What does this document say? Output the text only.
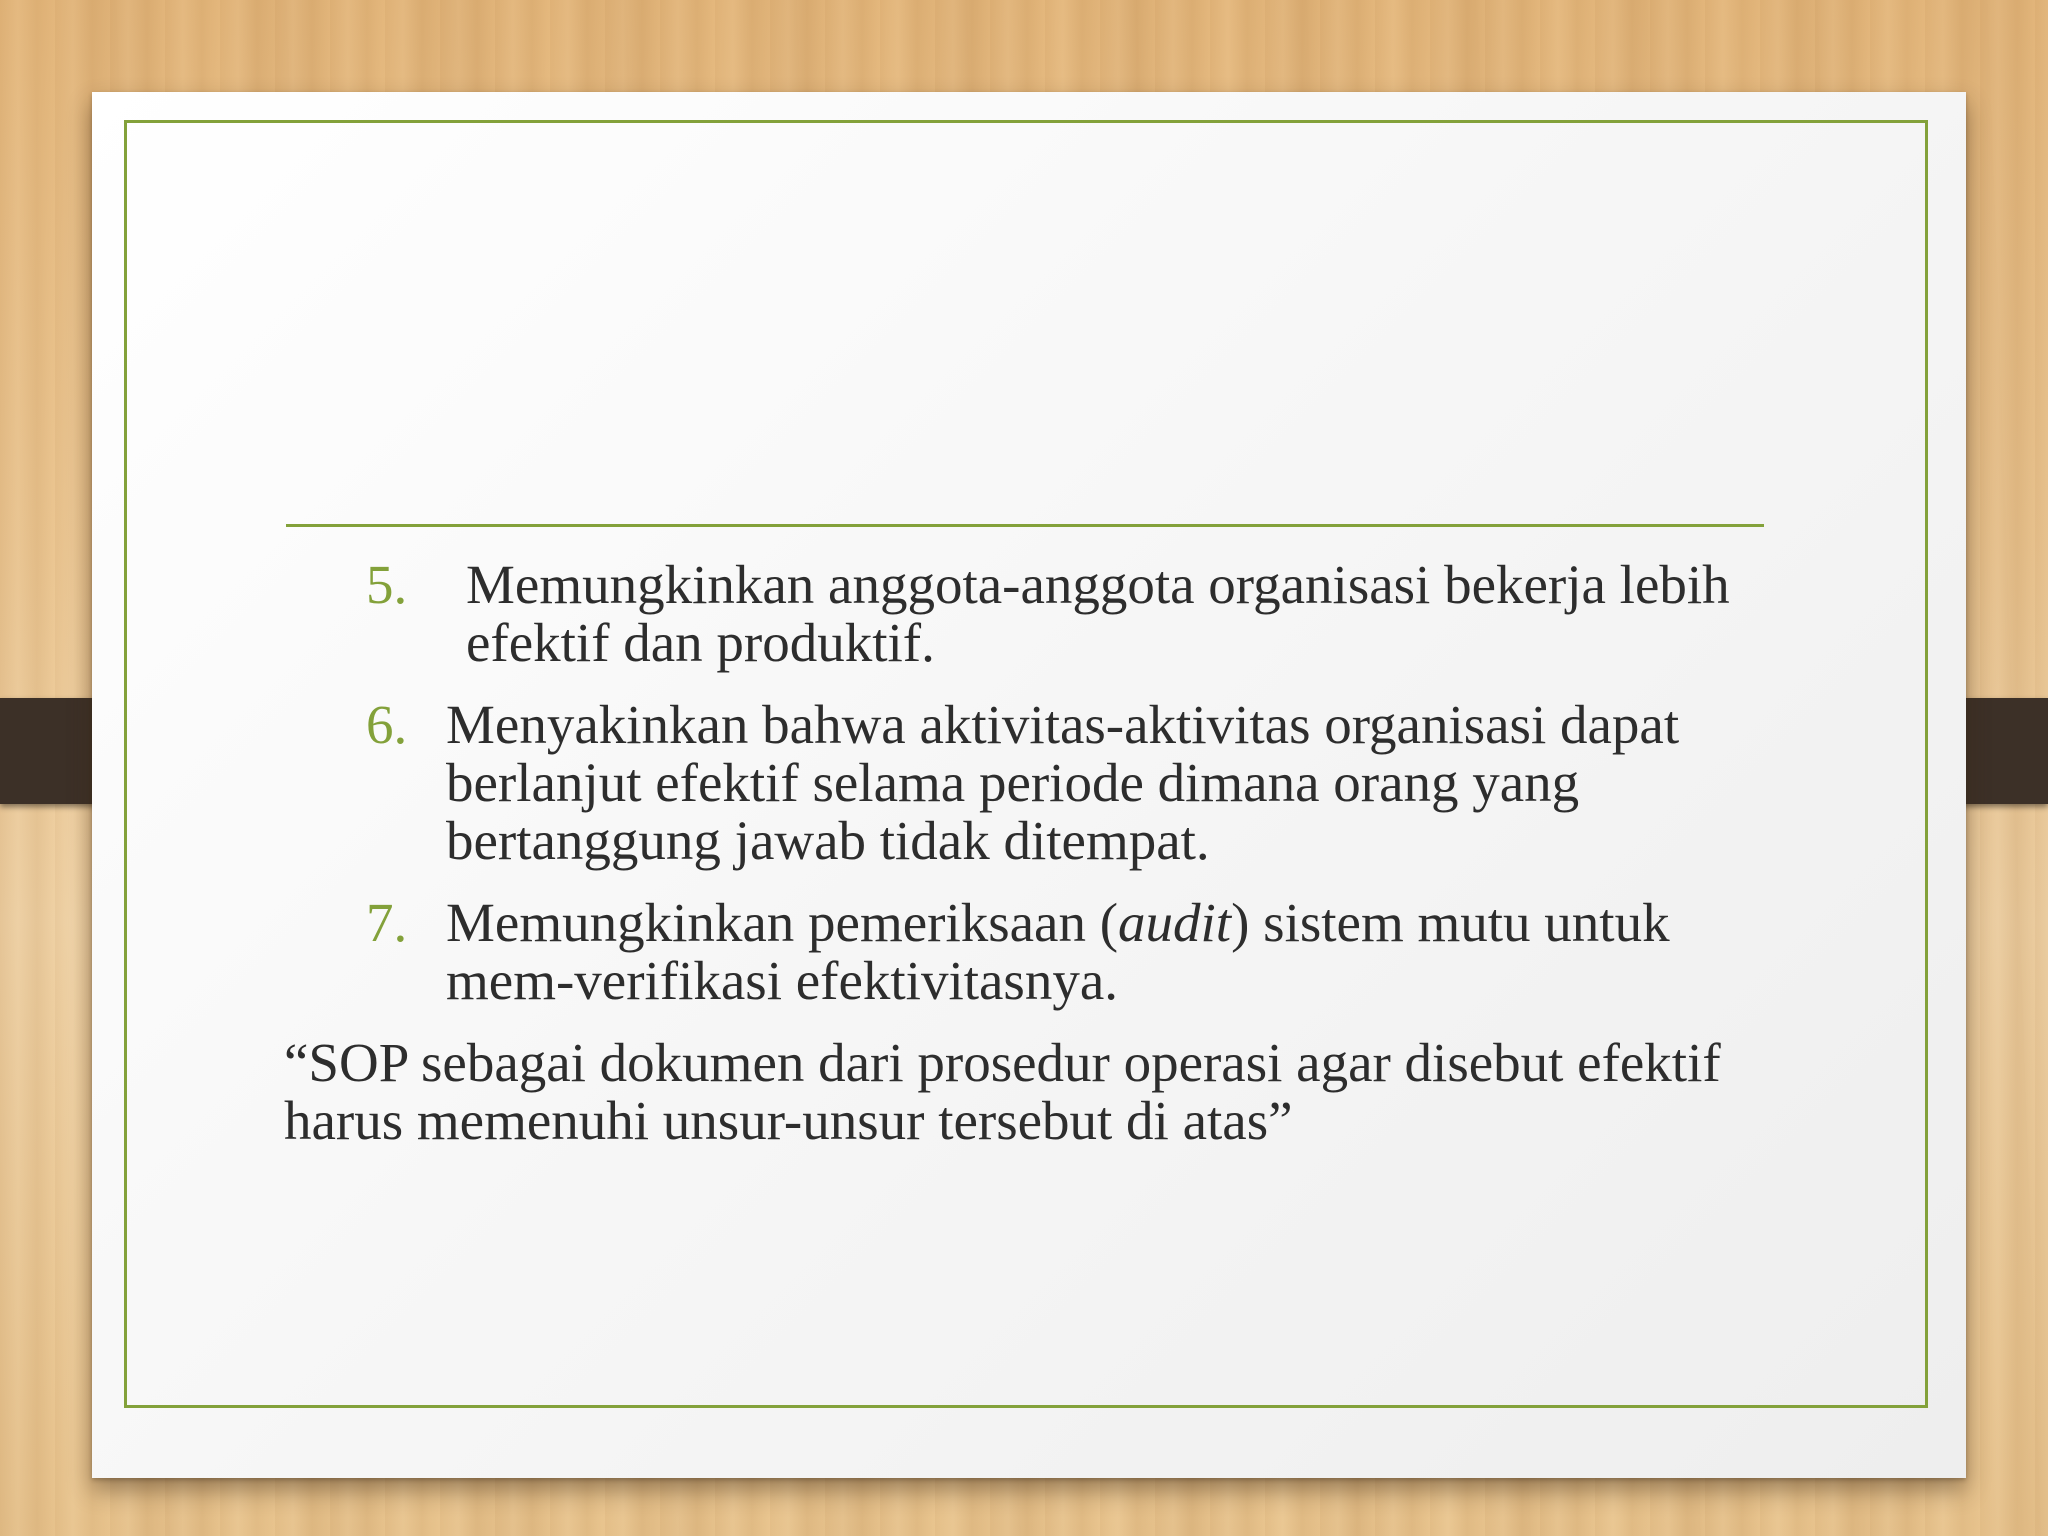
5. Memungkinkan anggota-anggota organisasi bekerja lebih efektif dan produktif.
6. Menyakinkan bahwa aktivitas-aktivitas organisasi dapat berlanjut efektif selama periode dimana orang yang bertanggung jawab tidak ditempat.
7. Memungkinkan pemeriksaan (audit) sistem mutu untuk mem-verifikasi efektivitasnya.
“SOP sebagai dokumen dari prosedur operasi agar disebut efektif harus memenuhi unsur-unsur tersebut di atas”
